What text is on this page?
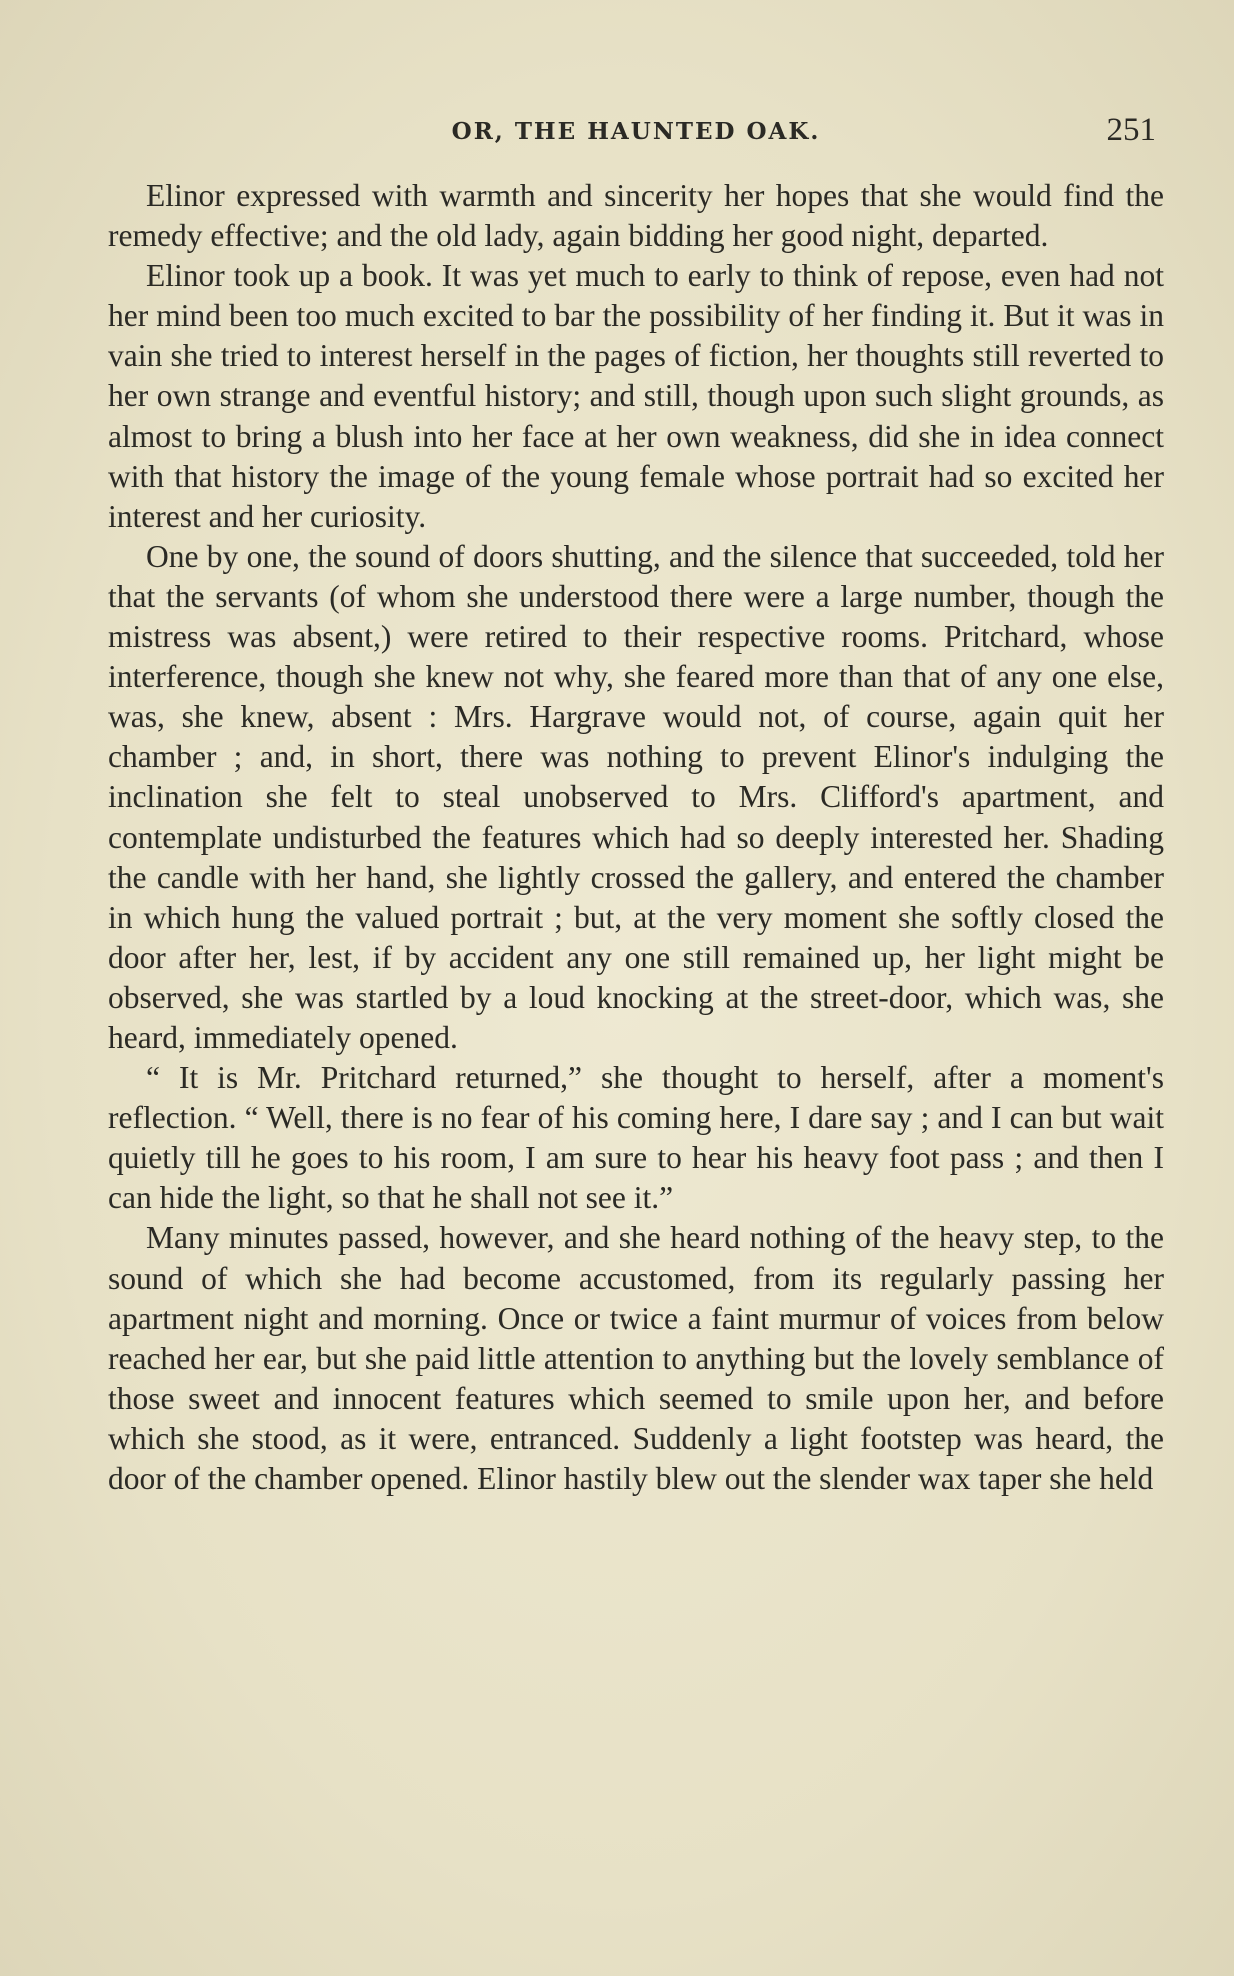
OR, THE HAUNTED OAK.	251

Elinor expressed with warmth and sincerity her hopes that she would find the remedy effective; and the old lady, again bidding her good night, departed.

Elinor took up a book. It was yet much to early to think of repose, even had not her mind been too much excited to bar the possibility of her finding it. But it was in vain she tried to interest herself in the pages of fiction, her thoughts still reverted to her own strange and eventful history; and still, though upon such slight grounds, as almost to bring a blush into her face at her own weakness, did she in idea connect with that history the image of the young female whose portrait had so excited her interest and her curiosity.

One by one, the sound of doors shutting, and the silence that succeeded, told her that the servants (of whom she understood there were a large number, though the mistress was absent,) were retired to their respective rooms. Pritchard, whose interference, though she knew not why, she feared more than that of any one else, was, she knew, absent : Mrs. Hargrave would not, of course, again quit her chamber ; and, in short, there was nothing to prevent Elinor's indulging the inclination she felt to steal unobserved to Mrs. Clifford's apartment, and contemplate undisturbed the features which had so deeply interested her. Shading the candle with her hand, she lightly crossed the gallery, and entered the chamber in which hung the valued portrait ; but, at the very moment she softly closed the door after her, lest, if by accident any one still remained up, her light might be observed, she was startled by a loud knocking at the street-door, which was, she heard, immediately opened.

“ It is Mr. Pritchard returned,” she thought to herself, after a moment's reflection. “ Well, there is no fear of his coming here, I dare say ; and I can but wait quietly till he goes to his room, I am sure to hear his heavy foot pass ; and then I can hide the light, so that he shall not see it.”

Many minutes passed, however, and she heard nothing of the heavy step, to the sound of which she had become accustomed, from its regularly passing her apartment night and morning. Once or twice a faint murmur of voices from below reached her ear, but she paid little attention to anything but the lovely semblance of those sweet and innocent features which seemed to smile upon her, and before which she stood, as it were, entranced. Suddenly a light footstep was heard, the door of the chamber opened. Elinor hastily blew out the slender wax taper she held
